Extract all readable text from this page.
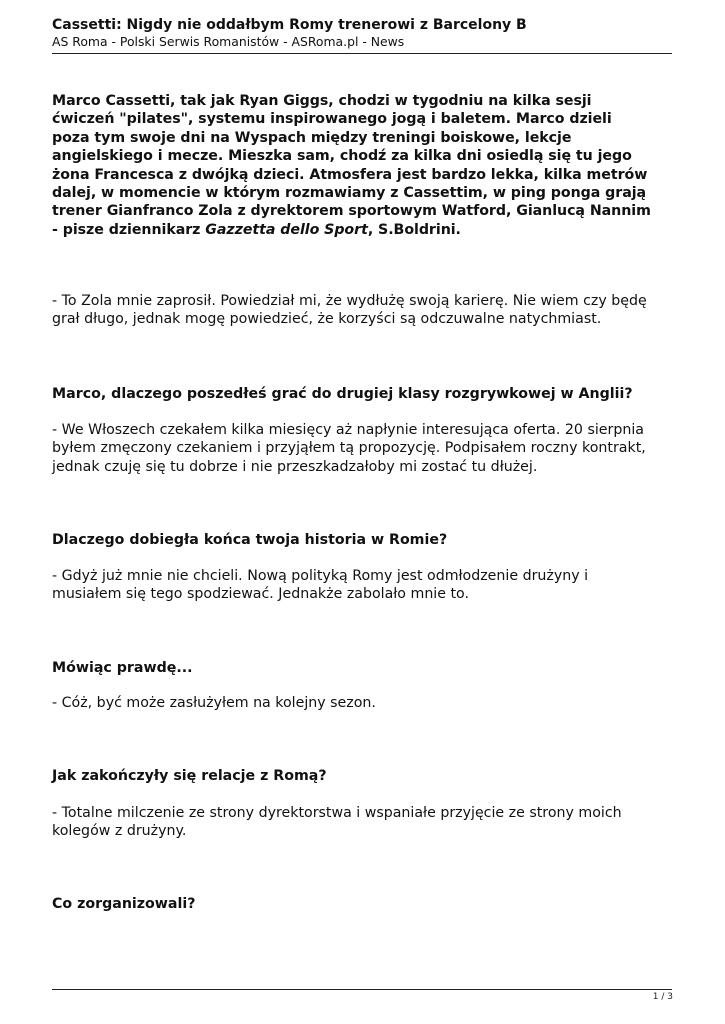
Cassetti: Nigdy nie oddałbym Romy trenerowi z Barcelony B
AS Roma - Polski Serwis Romanistów - ASRoma.pl - News
Marco Cassetti, tak jak Ryan Giggs, chodzi w tygodniu na kilka sesji
ćwiczeń "pilates", systemu inspirowanego jogą i baletem. Marco dzieli
poza tym swoje dni na Wyspach między treningi boiskowe, lekcje
angielskiego i mecze. Mieszka sam, chodź za kilka dni osiedlą się tu jego
żona Francesca z dwójką dzieci. Atmosfera jest bardzo lekka, kilka metrów
dalej, w momencie w którym rozmawiamy z Cassettim, w ping ponga grają
trener Gianfranco Zola z dyrektorem sportowym Watford, Gianlucą Nannim
- pisze dziennikarz Gazzetta dello Sport, S.Boldrini.
- To Zola mnie zaprosił. Powiedział mi, że wydłużę swoją karierę. Nie wiem czy będę
grał długo, jednak mogę powiedzieć, że korzyści są odczuwalne natychmiast.
Marco, dlaczego poszedłeś grać do drugiej klasy rozgrywkowej w Anglii?
- We Włoszech czekałem kilka miesięcy aż napłynie interesująca oferta. 20 sierpnia
byłem zmęczony czekaniem i przyjąłem tą propozycję. Podpisałem roczny kontrakt,
jednak czuję się tu dobrze i nie przeszkadzałoby mi zostać tu dłużej.
Dlaczego dobiegła końca twoja historia w Romie?
- Gdyż już mnie nie chcieli. Nową polityką Romy jest odmłodzenie drużyny i
musiałem się tego spodziewać. Jednakże zabolało mnie to.
Mówiąc prawdę...
- Cóż, być może zasłużyłem na kolejny sezon.
Jak zakończyły się relacje z Romą?
- Totalne milczenie ze strony dyrektorstwa i wspaniałe przyjęcie ze strony moich
kolegów z drużyny.
Co zorganizowali?
1 / 3
